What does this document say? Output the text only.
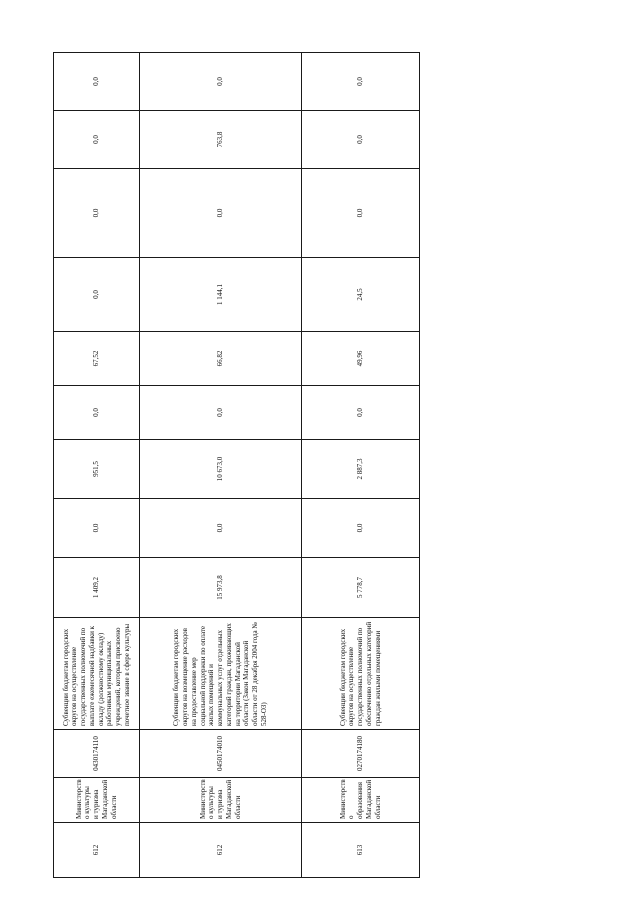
612	Министерств о культуры и туризма Магаданской области	0430174110	Субвенции бюджетам городских округов на осуществление государственных полномочий по выплате ежемесячной надбавки к окладу (должностному окладу) работникам муниципальных учреждений, которым присвоено почетное звание в сфере культуры	1 409,2	0,0	951,5	0,0	67,52	0,0	0,0	0,0	0,0	
612	Министерств о культуры и туризма Магаданской области	0450174010	Субвенции бюджетам городских округов на возмещение расходов на предоставление мер социальной поддержки по оплате жилых помещений и коммунальных услуг отдельных категорий граждан, проживающих на территории Магаданской области (Закон Магаданской области от 28 декабря 2004 года № 528-ОЗ)	15 973,8	0,0	10 673,0	0,0	66,82	1 144,1	0,0	763,8	0,0	
613	Министерств о образования Магаданской области	0270174180	Субвенции бюджетам городских округов на осуществление государственных полномочий по обеспечению отдельных категорий граждан жилыми помещениями	5 778,7	0,0	2 887,3	0,0	49,96	24,5	0,0	0,0	0,0	
